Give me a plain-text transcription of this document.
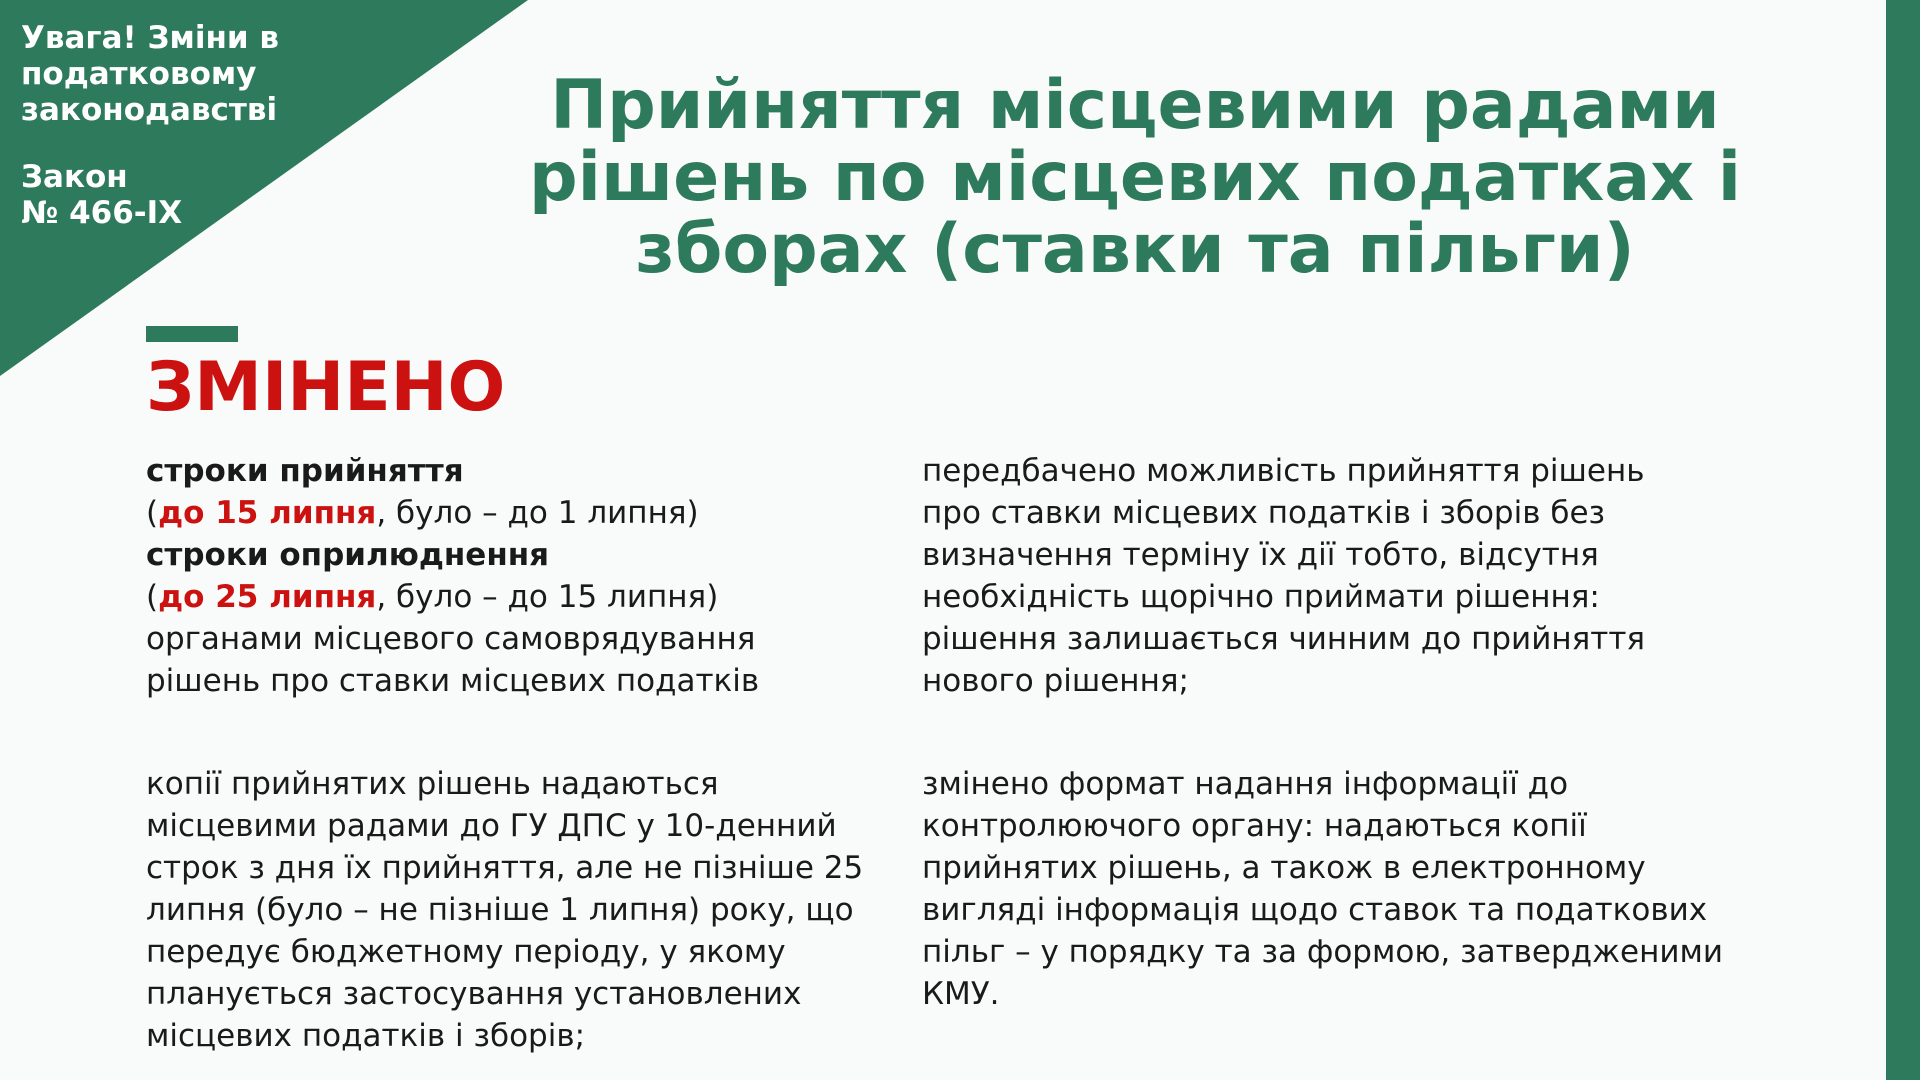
Увага! Зміни в
податковому
законодавстві
Закон
№ 466-IX
Прийняття місцевими радами
рішень по місцевих податках і
зборах (ставки та пільги)
ЗМІНЕНО
строки прийняття
(до 15 липня, було – до 1 липня)
строки оприлюднення
(до 25 липня, було – до 15 липня)
органами місцевого самоврядування
рішень про ставки місцевих податків
копії прийнятих рішень надаються
місцевими радами до ГУ ДПС у 10-денний
строк з дня їх прийняття, але не пізніше 25
липня (було – не пізніше 1 липня) року, що
передує бюджетному періоду, у якому
планується застосування установлених
місцевих податків і зборів;
передбачено можливість прийняття рішень
про ставки місцевих податків і зборів без
визначення терміну їх дії тобто, відсутня
необхідність щорічно приймати рішення:
рішення залишається чинним до прийняття
нового рішення;
змінено формат надання інформації до
контролюючого органу: надаються копії
прийнятих рішень, а також в електронному
вигляді інформація щодо ставок та податкових
пільг – у порядку та за формою, затвердженими
КМУ.
